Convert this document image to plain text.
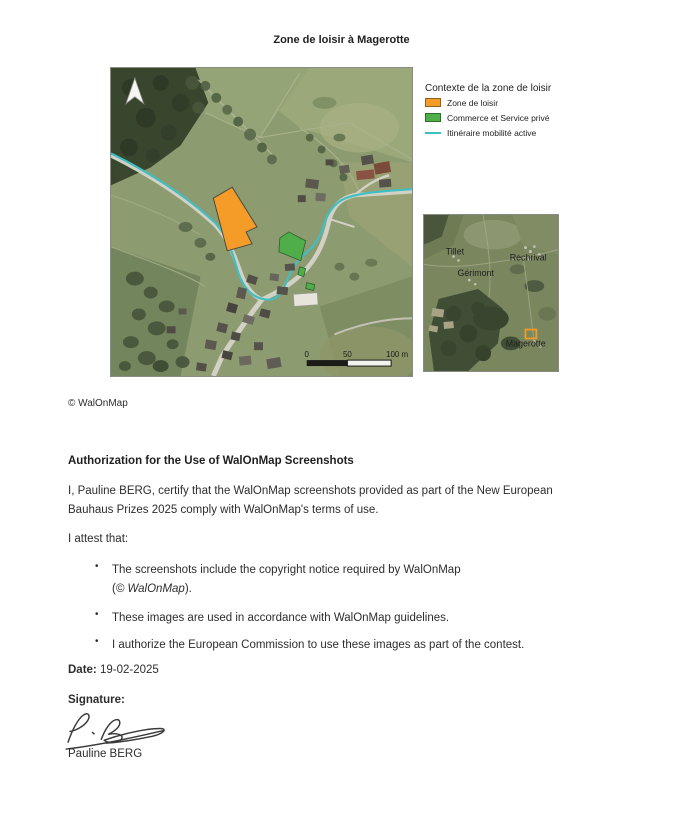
Zone de loisir à Magerotte
0	50	100 m
Contexte de la zone de loisir
Zone de loisir
Commerce et Service privé
Itinéraire mobilité active
Tillet
Rechrival
Gérimont
Magerotte
© WalOnMap
Authorization for the Use of WalOnMap Screenshots
I, Pauline BERG, certify that the WalOnMap screenshots provided as part of the New European
Bauhaus Prizes 2025 comply with WalOnMap's terms of use.
I attest that:
•	The screenshots include the copyright notice required by WalOnMap
(© WalOnMap).
•	These images are used in accordance with WalOnMap guidelines.
•	I authorize the European Commission to use these images as part of the contest.
Date: 19-02-2025
Signature:
Pauline BERG
